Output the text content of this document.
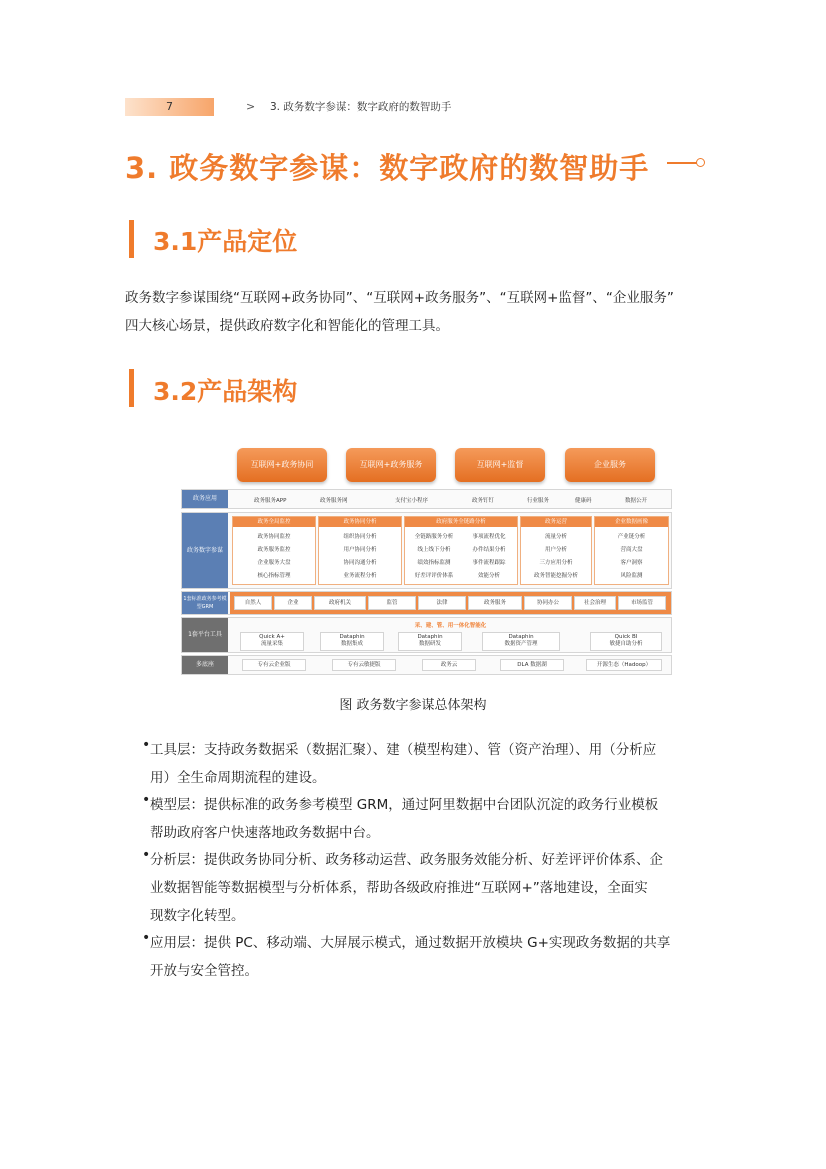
7	> 3. 政务数字参谋：数字政府的数智助手
3. 政务数字参谋：数字政府的数智助手
3.1产品定位
政务数字参谋围绕“互联网+政务协同”、“互联网+政务服务”、“互联网+监督”、“企业服务”
四大核心场景，提供政府数字化和智能化的管理工具。
3.2产品架构
互联网+政务协同	互联网+政务服务	互联网+监督	企业服务
政务应用	政务服务APP	政务服务网	支付宝小程序	政务钉钉	行业服务	健康码	数据公开
政务数字参谋
政务全局监控
政务协同监控
政务服务监控
企业服务大盘
核心指标管理
政务协同分析
组织协同分析
用户协同分析
协同沟通分析
业务流程分析
政府服务全链路分析
全链路服务分析	事项流程优化
线上线下分析	办件结果分析
绩效指标监测	事件流程跟踪
好差评评价体系	效能分析
政务运营
流量分析
用户分析
三方应用分析
政务智能挖掘分析
企业数据画像
产业链分析
营商大盘
客户洞察
风险监测
1套标准政务参考模型GRM
自然人	企业	政府机关	监管	法律	政务服务	协同办公	社会治理	市场监管
1套平台工具
采、建、管、用一体化智能化
Quick A+
流量采集
Dataphin
数据集成
Dataphin
数据研发
Dataphin
数据资产管理
Quick BI
敏捷自助分析
多底座	专有云企业版	专有云敏捷版	政务云	DLA 数据湖	开源生态（Hadoop）
图 政务数字参谋总体架构
• 工具层：支持政务数据采（数据汇聚）、建（模型构建）、管（资产治理）、用（分析应
用）全生命周期流程的建设。
• 模型层：提供标准的政务参考模型 GRM，通过阿里数据中台团队沉淀的政务行业模板
帮助政府客户快速落地政务数据中台。
• 分析层：提供政务协同分析、政务移动运营、政务服务效能分析、好差评评价体系、企
业数据智能等数据模型与分析体系，帮助各级政府推进“互联网+”落地建设，全面实
现数字化转型。
• 应用层：提供 PC、移动端、大屏展示模式，通过数据开放模块 G+实现政务数据的共享
开放与安全管控。
